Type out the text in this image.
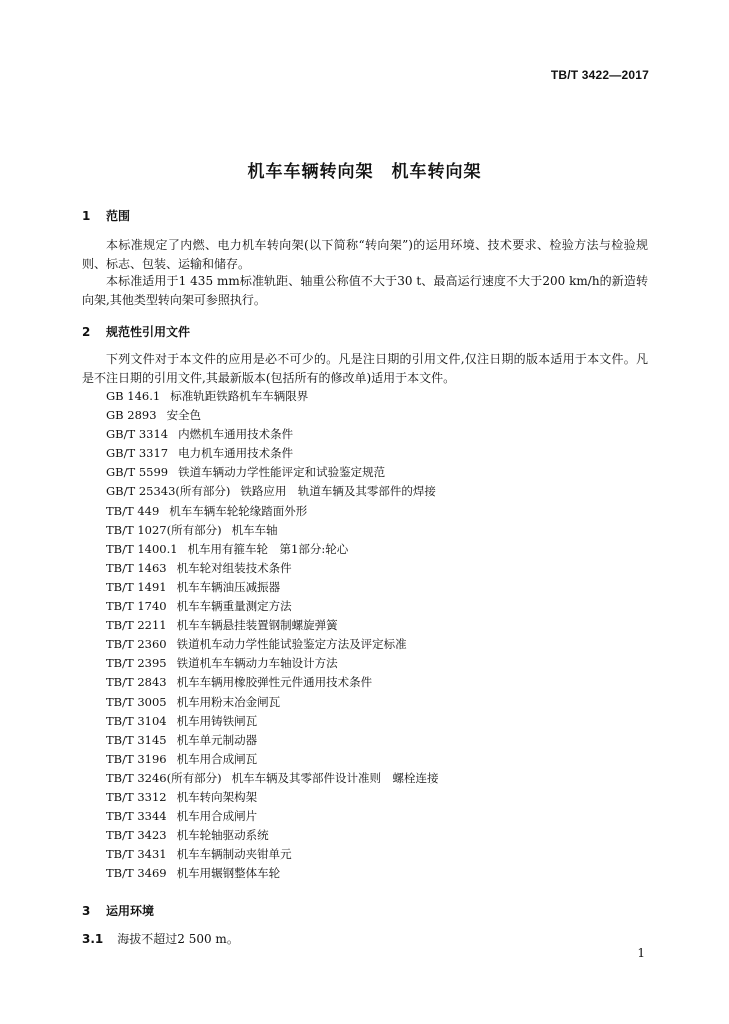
TB/T 3422—2017
机车车辆转向架　机车转向架
1 范围
本标准规定了内燃、电力机车转向架(以下简称“转向架”)的运用环境、技术要求、检验方法与检验规则、标志、包装、运输和储存。
本标准适用于1 435 mm标准轨距、轴重公称值不大于30 t、最高运行速度不大于200 km/h的新造转向架,其他类型转向架可参照执行。
2 规范性引用文件
下列文件对于本文件的应用是必不可少的。凡是注日期的引用文件,仅注日期的版本适用于本文件。凡是不注日期的引用文件,其最新版本(包括所有的修改单)适用于本文件。
GB 146.1 标准轨距铁路机车车辆限界
GB 2893 安全色
GB/T 3314 内燃机车通用技术条件
GB/T 3317 电力机车通用技术条件
GB/T 5599 铁道车辆动力学性能评定和试验鉴定规范
GB/T 25343(所有部分) 铁路应用　轨道车辆及其零部件的焊接
TB/T 449 机车车辆车轮轮缘踏面外形
TB/T 1027(所有部分) 机车车轴
TB/T 1400.1 机车用有箍车轮　第1部分:轮心
TB/T 1463 机车轮对组装技术条件
TB/T 1491 机车车辆油压减振器
TB/T 1740 机车车辆重量测定方法
TB/T 2211 机车车辆悬挂装置钢制螺旋弹簧
TB/T 2360 铁道机车动力学性能试验鉴定方法及评定标准
TB/T 2395 铁道机车车辆动力车轴设计方法
TB/T 2843 机车车辆用橡胶弹性元件通用技术条件
TB/T 3005 机车用粉末冶金闸瓦
TB/T 3104 机车用铸铁闸瓦
TB/T 3145 机车单元制动器
TB/T 3196 机车用合成闸瓦
TB/T 3246(所有部分) 机车车辆及其零部件设计准则　螺栓连接
TB/T 3312 机车转向架构架
TB/T 3344 机车用合成闸片
TB/T 3423 机车轮轴驱动系统
TB/T 3431 机车车辆制动夹钳单元
TB/T 3469 机车用辗钢整体车轮
3 运用环境
3.1 海拔不超过2 500 m。
1
